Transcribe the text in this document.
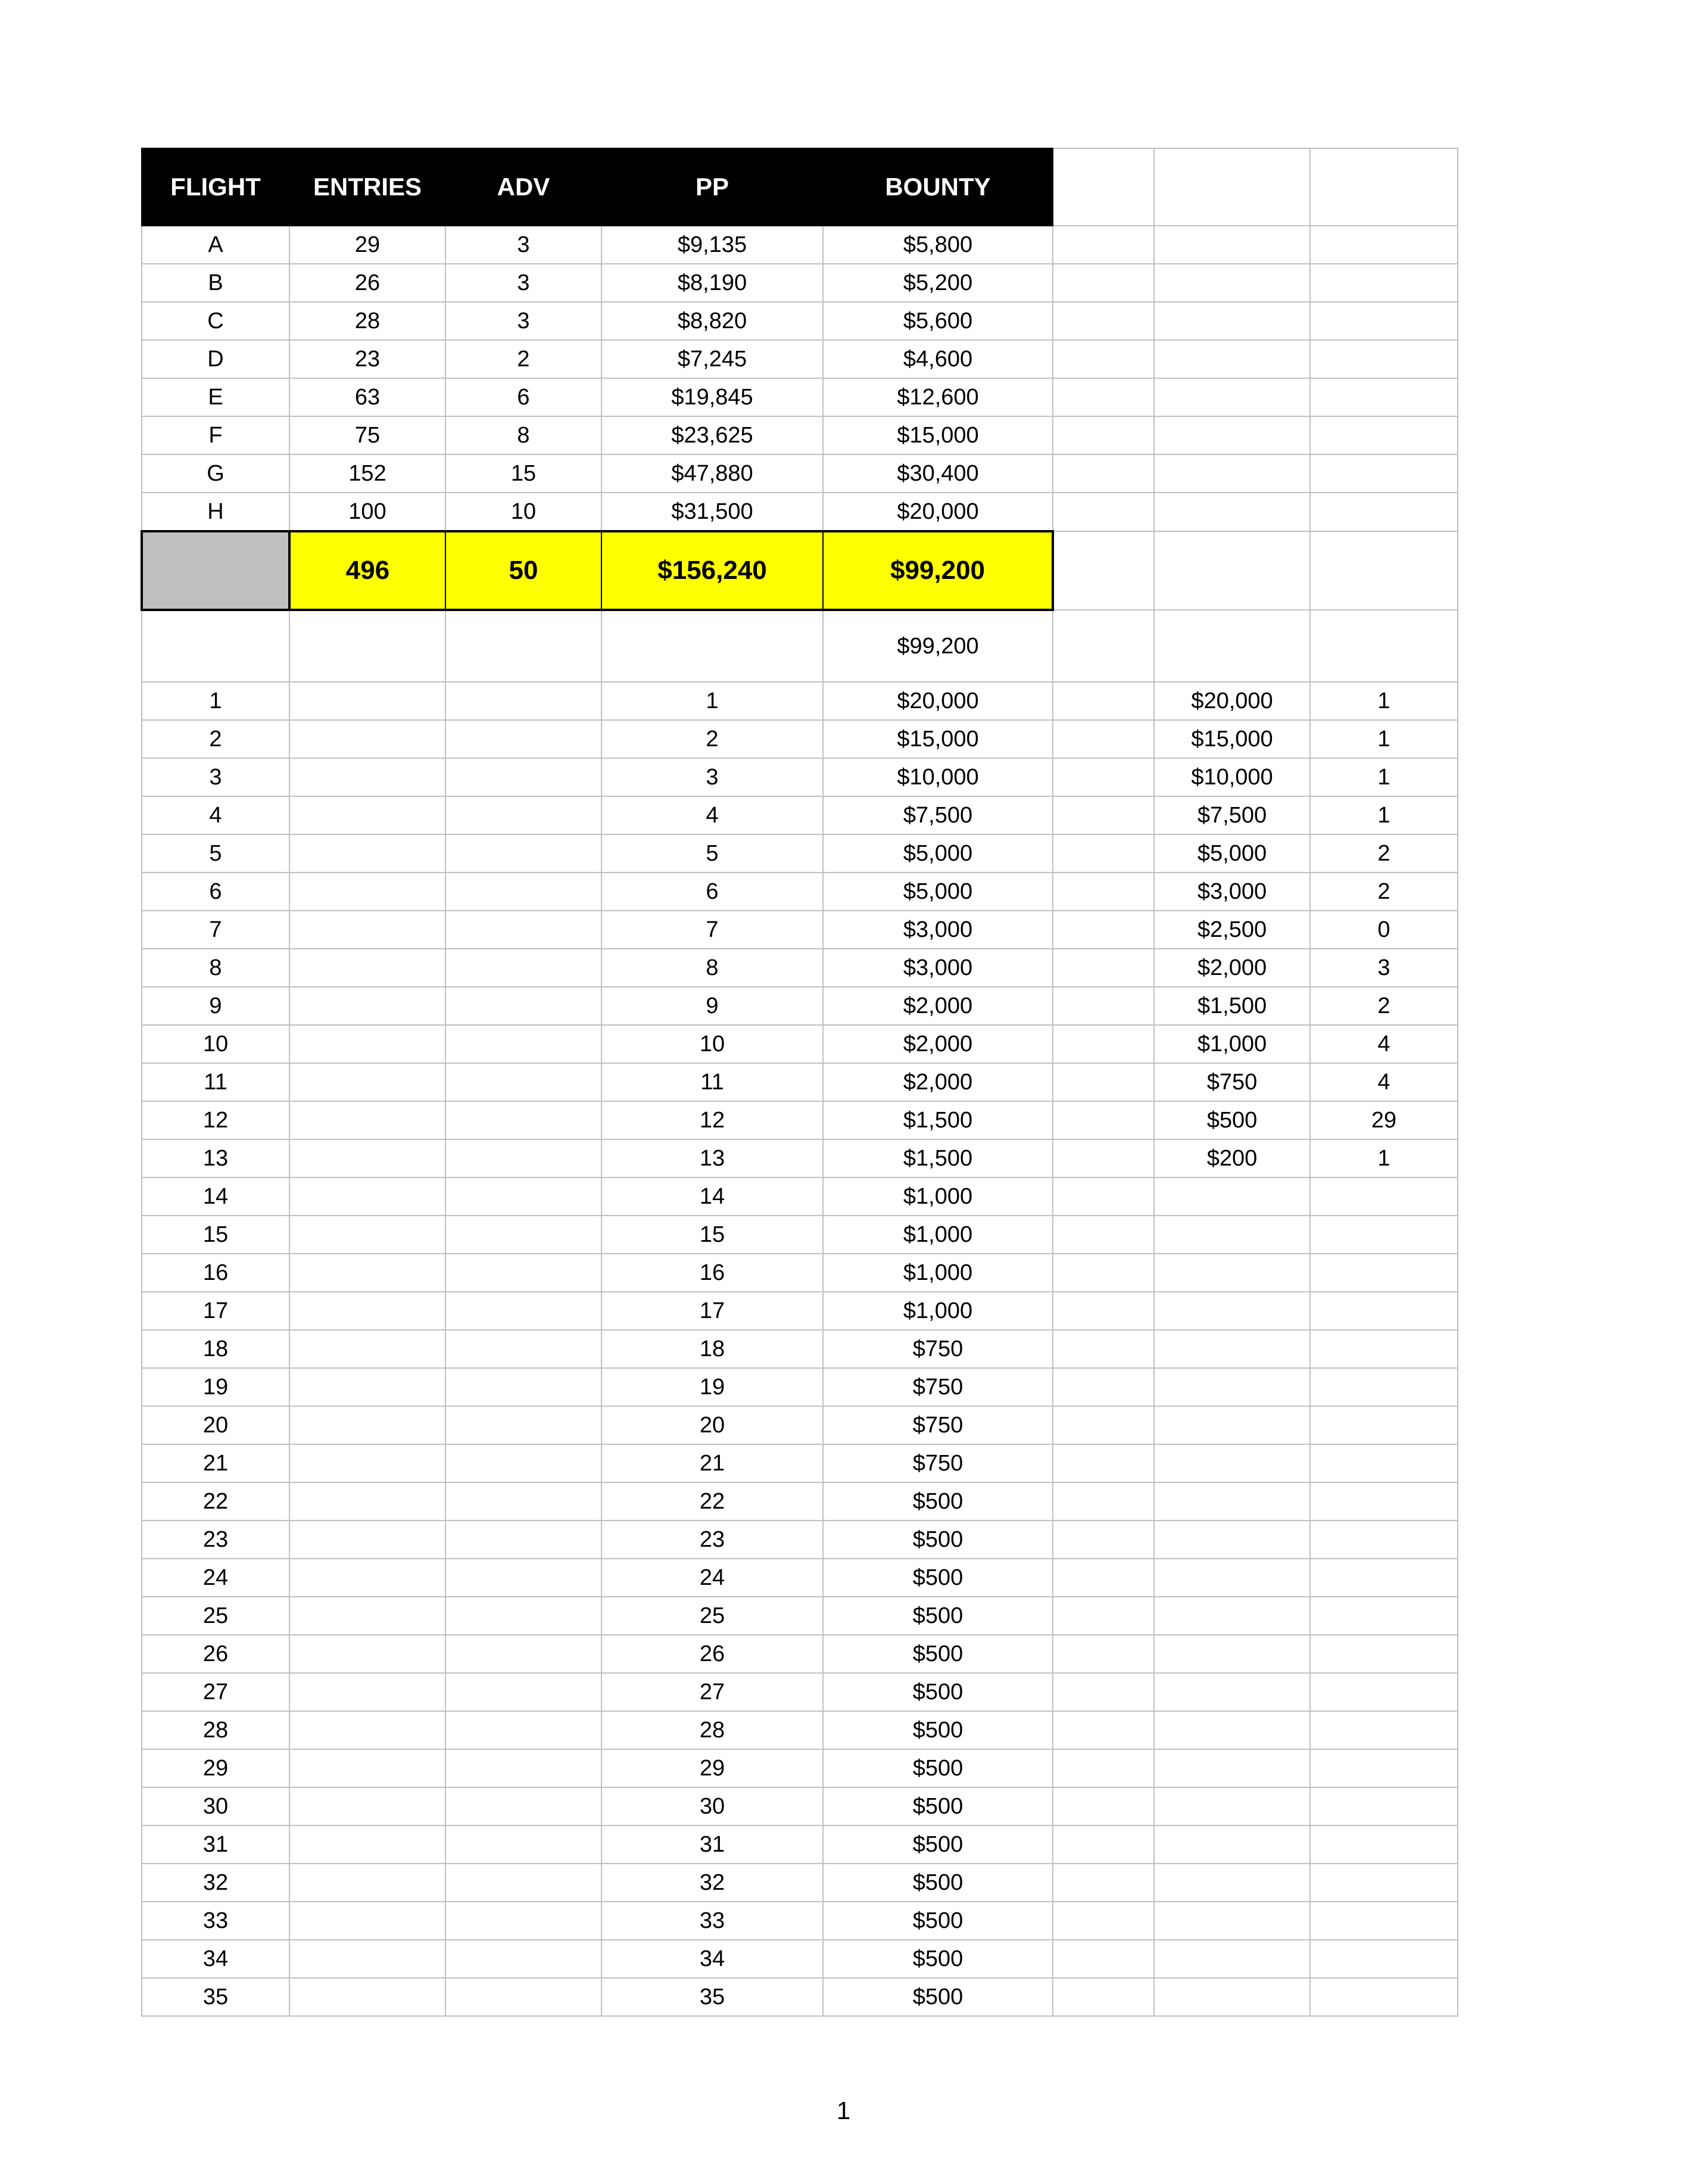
FLIGHT	ENTRIES	ADV	PP	BOUNTY			
A	29	3	$9,135	$5,800			
B	26	3	$8,190	$5,200			
C	28	3	$8,820	$5,600			
D	23	2	$7,245	$4,600			
E	63	6	$19,845	$12,600			
F	75	8	$23,625	$15,000			
G	152	15	$47,880	$30,400			
H	100	10	$31,500	$20,000			
	496	50	$156,240	$99,200			
				$99,200			
1			1	$20,000		$20,000	1
2			2	$15,000		$15,000	1
3			3	$10,000		$10,000	1
4			4	$7,500		$7,500	1
5			5	$5,000		$5,000	2
6			6	$5,000		$3,000	2
7			7	$3,000		$2,500	0
8			8	$3,000		$2,000	3
9			9	$2,000		$1,500	2
10			10	$2,000		$1,000	4
11			11	$2,000		$750	4
12			12	$1,500		$500	29
13			13	$1,500		$200	1
14			14	$1,000			
15			15	$1,000			
16			16	$1,000			
17			17	$1,000			
18			18	$750			
19			19	$750			
20			20	$750			
21			21	$750			
22			22	$500			
23			23	$500			
24			24	$500			
25			25	$500			
26			26	$500			
27			27	$500			
28			28	$500			
29			29	$500			
30			30	$500			
31			31	$500			
32			32	$500			
33			33	$500			
34			34	$500			
35			35	$500			
1
